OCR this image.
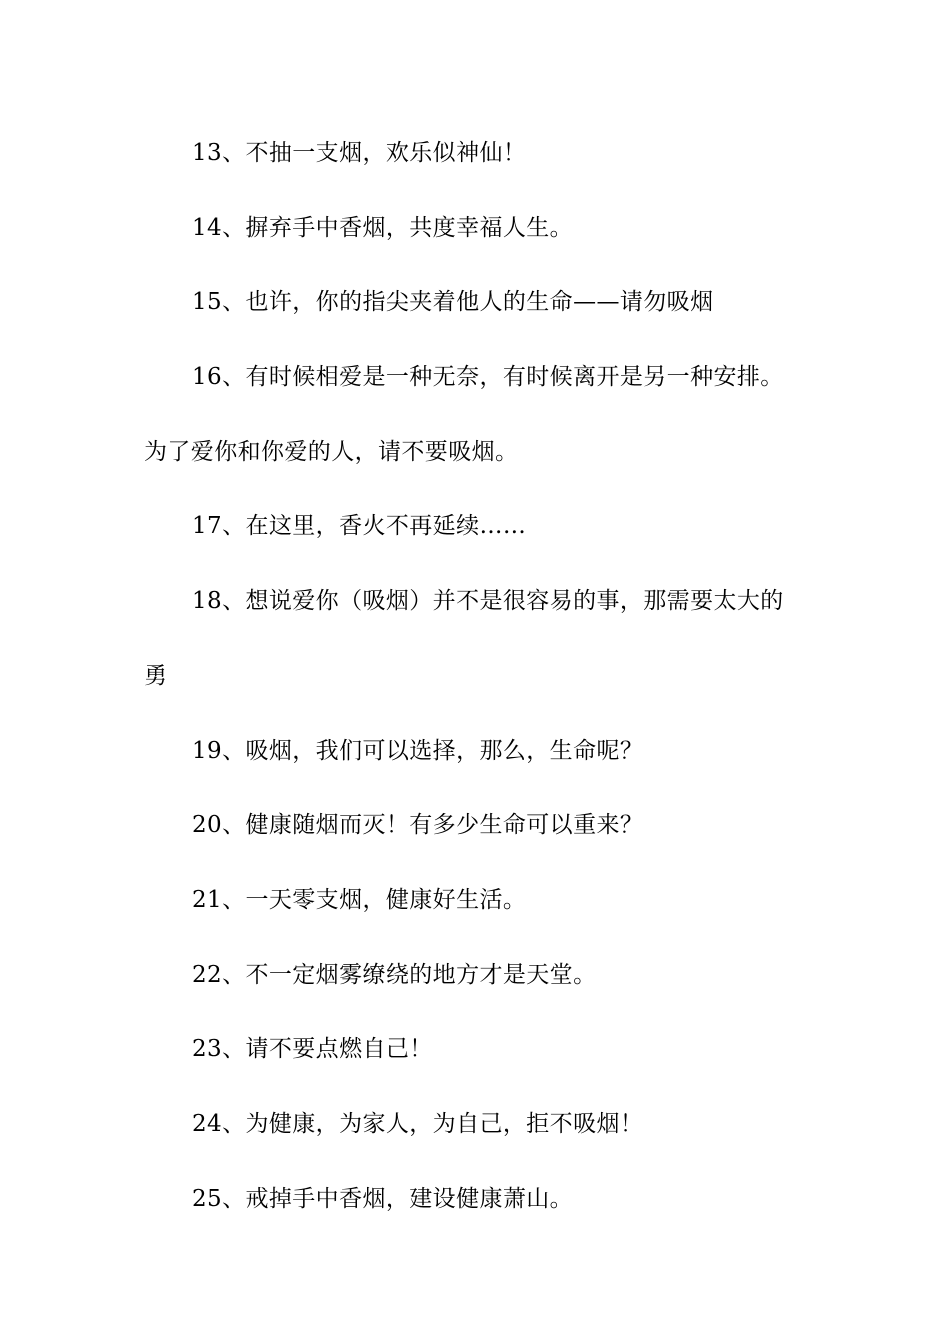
13、不抽一支烟，欢乐似神仙！
14、摒弃手中香烟，共度幸福人生。
15、也许，你的指尖夹着他人的生命——请勿吸烟
16、有时候相爱是一种无奈，有时候离开是另一种安排。
为了爱你和你爱的人，请不要吸烟。
17、在这里，香火不再延续……
18、想说爱你（吸烟）并不是很容易的事，那需要太大的
勇
19、吸烟，我们可以选择，那么，生命呢？
20、健康随烟而灭！有多少生命可以重来？
21、一天零支烟，健康好生活。
22、不一定烟雾缭绕的地方才是天堂。
23、请不要点燃自己！
24、为健康，为家人，为自己，拒不吸烟！
25、戒掉手中香烟，建设健康萧山。
